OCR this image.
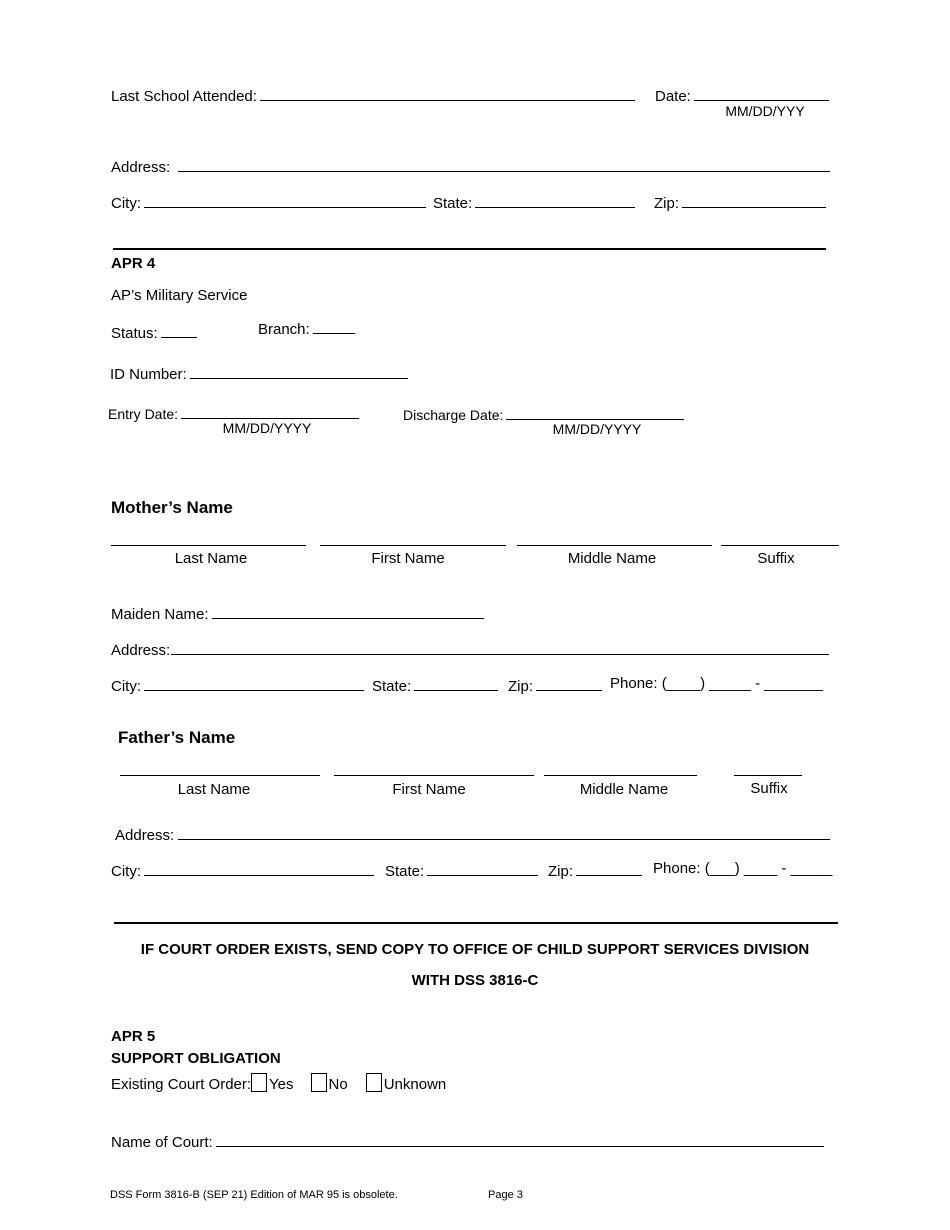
Last School Attended:	Date:
MM/DD/YYY
Address:
City:	State:	Zip:
APR 4
AP’s Military Service
Status:	Branch:
ID Number:
Entry Date:
MM/DD/YYYY
Discharge Date:
MM/DD/YYYY
Mother’s Name
Last Name	First Name	Middle Name	Suffix
Maiden Name:
Address:
City:	State:	Zip:	Phone: (____) _____ - _______
Father’s Name
Last Name	First Name	Middle Name	Suffix
Address:
City:	State:	Zip:	Phone: (___) ____ - _____
IF COURT ORDER EXISTS, SEND COPY TO OFFICE OF CHILD SUPPORT SERVICES DIVISION
WITH DSS 3816-C
APR 5
SUPPORT OBLIGATION
Existing Court Order: Yes No Unknown
Name of Court:
DSS Form 3816-B (SEP 21) Edition of MAR 95 is obsolete.	Page 3
